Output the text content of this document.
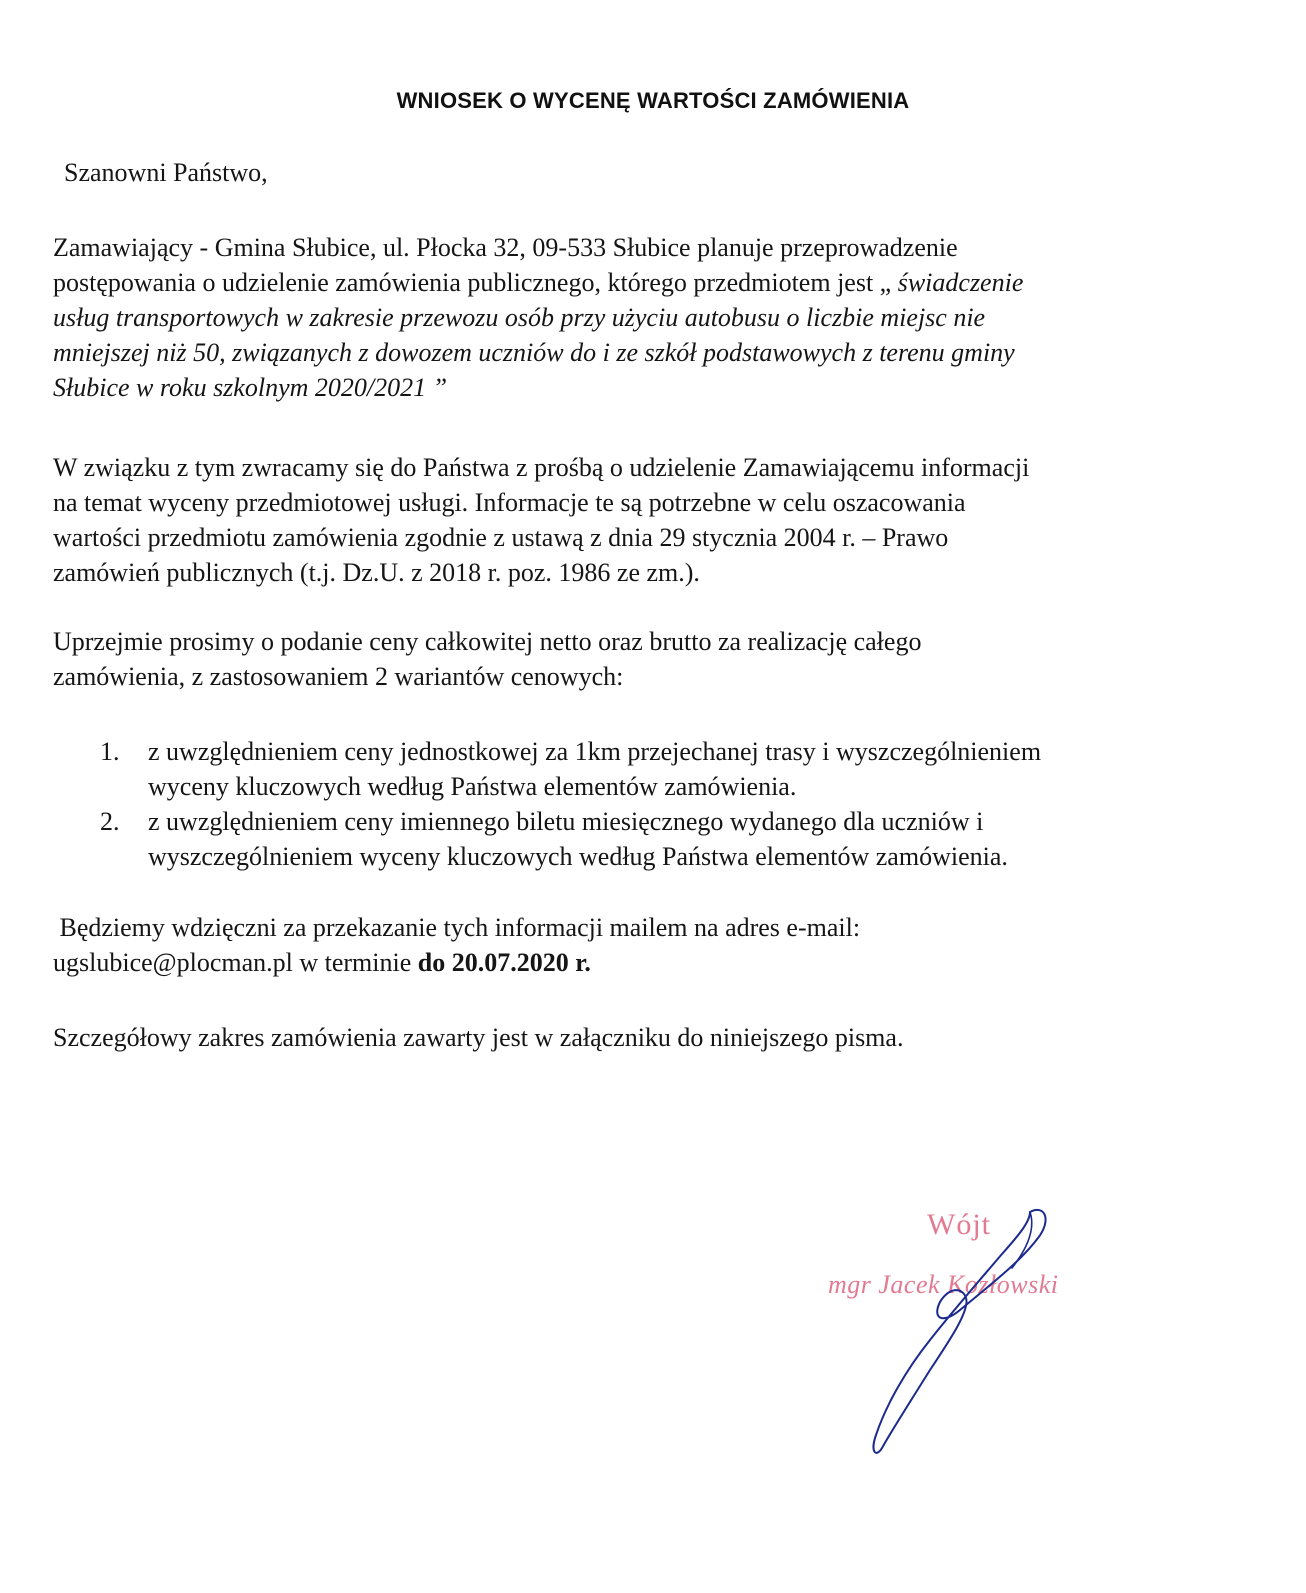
WNIOSEK O WYCENĘ WARTOŚCI ZAMÓWIENIA
Szanowni Państwo,
Zamawiający - Gmina Słubice, ul. Płocka 32, 09-533 Słubice planuje przeprowadzenie
postępowania o udzielenie zamówienia publicznego, którego przedmiotem jest „ świadczenie
usług transportowych w zakresie przewozu osób przy użyciu autobusu o liczbie miejsc nie
mniejszej niż 50, związanych z dowozem uczniów do i ze szkół podstawowych z terenu gminy
Słubice w roku szkolnym 2020/2021 ”
W związku z tym zwracamy się do Państwa z prośbą o udzielenie Zamawiającemu informacji
na temat wyceny przedmiotowej usługi. Informacje te są potrzebne w celu oszacowania
wartości przedmiotu zamówienia zgodnie z ustawą z dnia 29 stycznia 2004 r. – Prawo
zamówień publicznych (t.j. Dz.U. z 2018 r. poz. 1986 ze zm.).
Uprzejmie prosimy o podanie ceny całkowitej netto oraz brutto za realizację całego
zamówienia, z zastosowaniem 2 wariantów cenowych:
1. z uwzględnieniem ceny jednostkowej za 1km przejechanej trasy i wyszczególnieniem
wyceny kluczowych według Państwa elementów zamówienia.
2. z uwzględnieniem ceny imiennego biletu miesięcznego wydanego dla uczniów i
wyszczególnieniem wyceny kluczowych według Państwa elementów zamówienia.
Będziemy wdzięczni za przekazanie tych informacji mailem na adres e-mail:
ugslubice@plocman.pl w terminie do 20.07.2020 r.
Szczegółowy zakres zamówienia zawarty jest w załączniku do niniejszego pisma.
Wójt
mgr Jacek Kozłowski
